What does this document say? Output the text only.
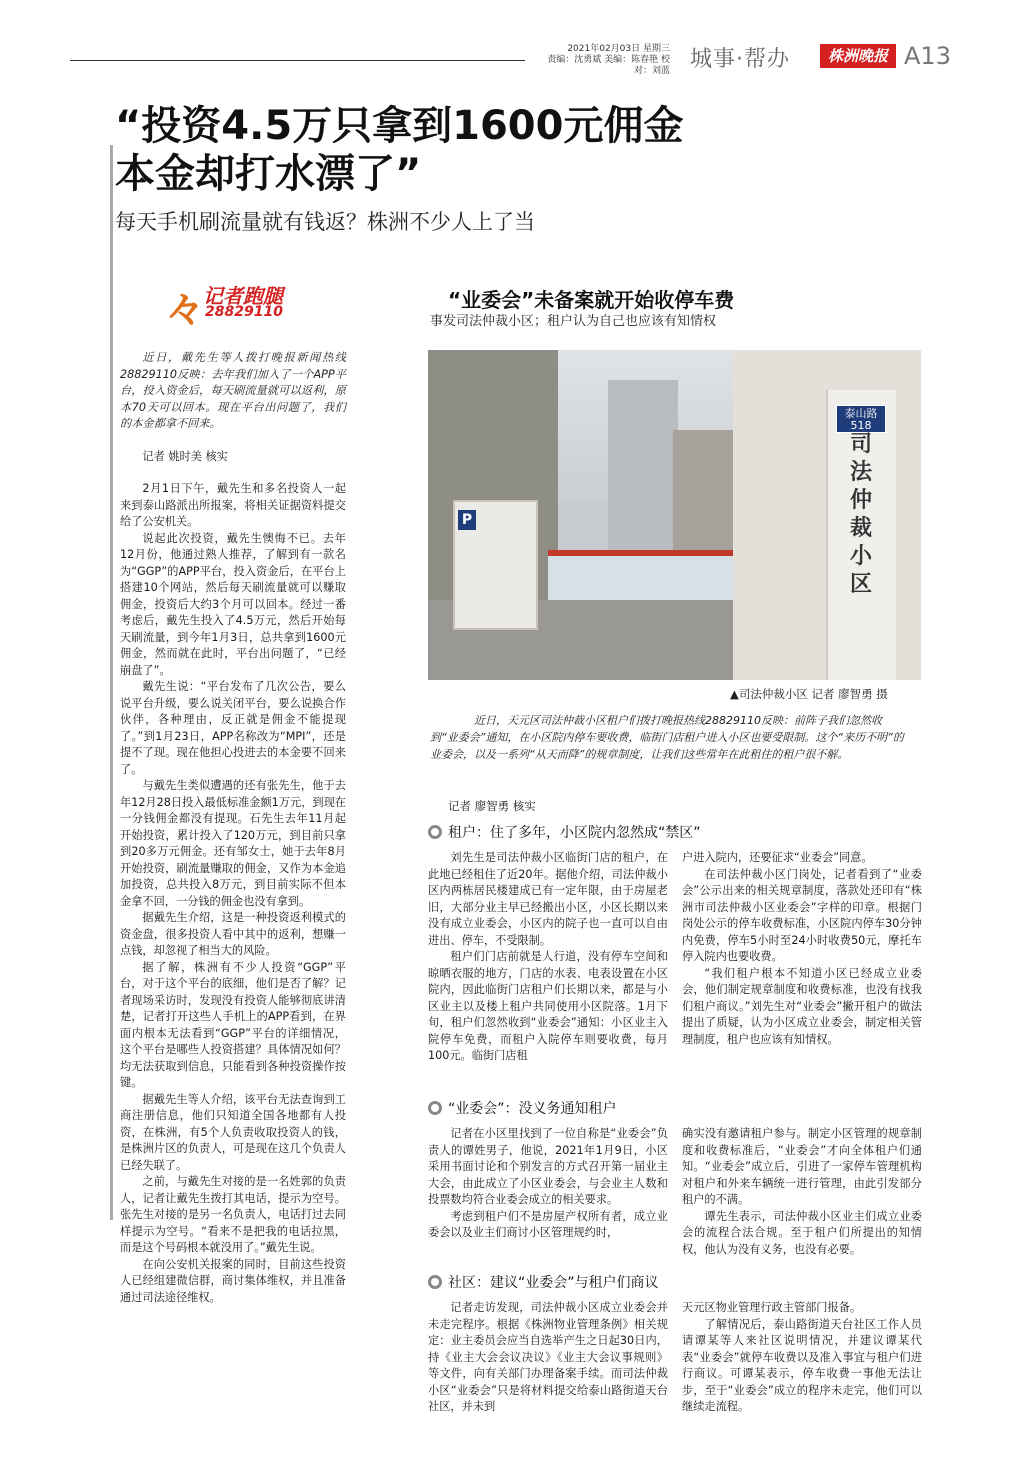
2021年02月03日 星期三
责编：沈勇斌 美编：陈春艳 校对：刘蓝 城事·帮办	株洲晚报 A13
“投资4.5万只拿到1600元佣金
本金却打水漂了”
每天手机刷流量就有钱返？株洲不少人上了当
々
记者跑腿
28829110

近日，戴先生等人拨打晚报新闻热线28829110反映：去年我们加入了一个APP平台，投入资金后，每天刷流量就可以返利，原本70天可以回本。现在平台出问题了，我们的本金都拿不回来。

记者 姚时美 核实

2月1日下午，戴先生和多名投资人一起来到泰山路派出所报案，将相关证据资料提交给了公安机关。

说起此次投资，戴先生懊悔不已。去年12月份，他通过熟人推荐，了解到有一款名为“GGP”的APP平台，投入资金后，在平台上搭建10个网站，然后每天刷流量就可以赚取佣金，投资后大约3个月可以回本。经过一番考虑后，戴先生投入了4.5万元，然后开始每天刷流量，到今年1月3日，总共拿到1600元佣金，然而就在此时，平台出问题了，“已经崩盘了”。

戴先生说：“平台发布了几次公告，要么说平台升级，要么说关闭平台，要么说换合作伙伴，各种理由，反正就是佣金不能提现了。”到1月23日，APP名称改为“MPI”，还是提不了现。现在他担心投进去的本金要不回来了。

与戴先生类似遭遇的还有张先生，他于去年12月28日投入最低标准金额1万元，到现在一分钱佣金都没有提现。石先生去年11月起开始投资，累计投入了120万元，到目前只拿到20多万元佣金。还有邹女士，她于去年8月开始投资，刷流量赚取的佣金，又作为本金追加投资，总共投入8万元，到目前实际不但本金拿不回，一分钱的佣金也没有拿到。

据戴先生介绍，这是一种投资返利模式的资金盘，很多投资人看中其中的返利，想赚一点钱，却忽视了相当大的风险。

据了解，株洲有不少人投资“GGP”平台，对于这个平台的底细，他们是否了解？记者现场采访时，发现没有投资人能够彻底讲清楚，记者打开这些人手机上的APP看到，在界面内根本无法看到“GGP”平台的详细情况，这个平台是哪些人投资搭建？具体情况如何？均无法获取到信息，只能看到各种投资操作按键。

据戴先生等人介绍，该平台无法查询到工商注册信息，他们只知道全国各地都有人投资，在株洲，有5个人负责收取投资人的钱，是株洲片区的负责人，可是现在这几个负责人已经失联了。

之前，与戴先生对接的是一名姓郭的负责人，记者让戴先生拨打其电话，提示为空号。张先生对接的是另一名负责人，电话打过去同样提示为空号。“看来不是把我的电话拉黑，而是这个号码根本就没用了。”戴先生说。

在向公安机关报案的同时，目前这些投资人已经组建微信群，商讨集体维权，并且准备通过司法途径维权。

“业委会”未备案就开始收停车费
事发司法仲裁小区；租户认为自己也应该有知情权
P
泰山路
518
司法仲裁小区
▲司法仲裁小区 记者 廖智勇 摄
近日，天元区司法仲裁小区租户们拨打晚报热线28829110反映：前阵子我们忽然收到“业委会”通知，在小区院内停车要收费，临街门店租户进入小区也要受限制。这个“来历不明”的业委会，以及一系列“从天而降”的规章制度，让我们这些常年在此租住的租户很不解。
记者 廖智勇 核实
租户：住了多年，小区院内忽然成“禁区”

刘先生是司法仲裁小区临街门店的租户，在此地已经租住了近20年。据他介绍，司法仲裁小区内两栋居民楼建成已有一定年限，由于房屋老旧，大部分业主早已经搬出小区，小区长期以来没有成立业委会，小区内的院子也一直可以自由进出、停车，不受限制。

租户们门店前就是人行道，没有停车空间和晾晒衣服的地方，门店的水表、电表设置在小区院内，因此临街门店租户们长期以来，都是与小区业主以及楼上租户共同使用小区院落。1月下旬，租户们忽然收到“业委会”通知：小区业主入院停车免费，而租户入院停车则要收费，每月100元。临街门店租

户进入院内，还要征求“业委会”同意。

在司法仲裁小区门岗处，记者看到了“业委会”公示出来的相关规章制度，落款处还印有“株洲市司法仲裁小区业委会”字样的印章。根据门岗处公示的停车收费标准，小区院内停车30分钟内免费，停车5小时至24小时收费50元，摩托车停入院内也要收费。

“我们租户根本不知道小区已经成立业委会，他们制定规章制度和收费标准，也没有找我们租户商议。”刘先生对“业委会”撇开租户的做法提出了质疑，认为小区成立业委会，制定相关管理制度，租户也应该有知情权。

“业委会”：没义务通知租户

记者在小区里找到了一位自称是“业委会”负责人的谭姓男子，他说，2021年1月9日，小区采用书面讨论和个别发言的方式召开第一届业主大会，由此成立了小区业委会，与会业主人数和投票数均符合业委会成立的相关要求。

考虑到租户们不是房屋产权所有者，成立业委会以及业主们商讨小区管理规约时，

确实没有邀请租户参与。制定小区管理的规章制度和收费标准后，“业委会”才向全体租户们通知。“业委会”成立后，引进了一家停车管理机构对租户和外来车辆统一进行管理，由此引发部分租户的不满。

谭先生表示，司法仲裁小区业主们成立业委会的流程合法合规。至于租户们所提出的知情权，他认为没有义务，也没有必要。

社区：建议“业委会”与租户们商议

记者走访发现，司法仲裁小区成立业委会并未走完程序。根据《株洲物业管理条例》相关规定：业主委员会应当自选举产生之日起30日内，持《业主大会会议决议》《业主大会议事规则》等文件，向有关部门办理备案手续。而司法仲裁小区“业委会”只是将材料提交给泰山路街道天台社区，并未到

天元区物业管理行政主管部门报备。

了解情况后，泰山路街道天台社区工作人员请谭某等人来社区说明情况，并建议谭某代表“业委会”就停车收费以及准入事宜与租户们进行商议。可谭某表示，停车收费一事他无法让步，至于“业委会”成立的程序未走完，他们可以继续走流程。
